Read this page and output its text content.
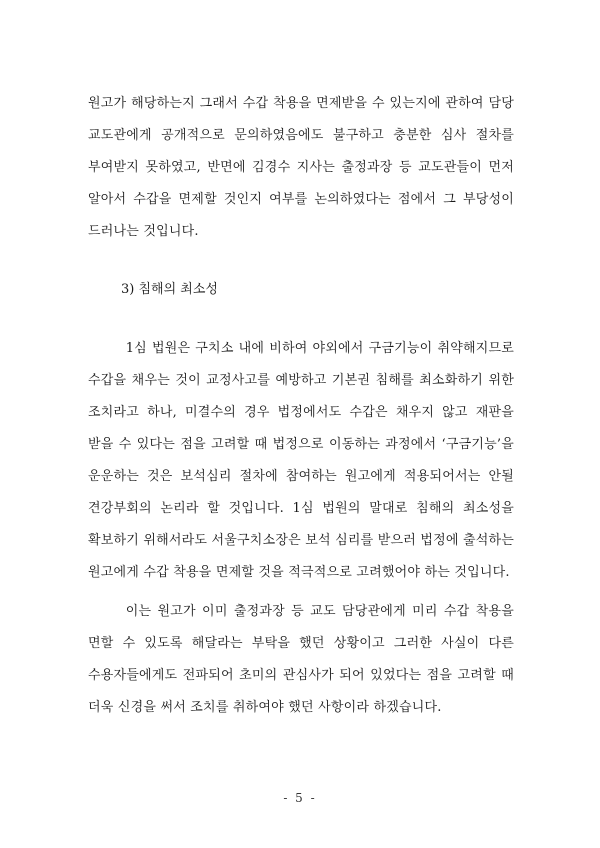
원고가 해당하는지 그래서 수갑 착용을 면제받을 수 있는지에 관하여 담당 교도관에게 공개적으로 문의하였음에도 불구하고 충분한 심사 절차를 부여받지 못하였고, 반면에 김경수 지사는 출정과장 등 교도관들이 먼저 알아서 수갑을 면제할 것인지 여부를 논의하였다는 점에서 그 부당성이 드러나는 것입니다.

3) 침해의 최소성

1심 법원은 구치소 내에 비하여 야외에서 구금기능이 취약해지므로 수갑을 채우는 것이 교정사고를 예방하고 기본권 침해를 최소화하기 위한 조치라고 하나, 미결수의 경우 법정에서도 수갑은 채우지 않고 재판을 받을 수 있다는 점을 고려할 때 법정으로 이동하는 과정에서 ‘구금기능’을 운운하는 것은 보석심리 절차에 참여하는 원고에게 적용되어서는 안될 견강부회의 논리라 할 것입니다. 1심 법원의 말대로 침해의 최소성을 확보하기 위해서라도 서울구치소장은 보석 심리를 받으러 법정에 출석하는 원고에게 수갑 착용을 면제할 것을 적극적으로 고려했어야 하는 것입니다.

이는 원고가 이미 출정과장 등 교도 담당관에게 미리 수갑 착용을 면할 수 있도록 해달라는 부탁을 했던 상황이고 그러한 사실이 다른 수용자들에게도 전파되어 초미의 관심사가 되어 있었다는 점을 고려할 때 더욱 신경을 써서 조치를 취하여야 했던 사항이라 하겠습니다.

- 5 -
